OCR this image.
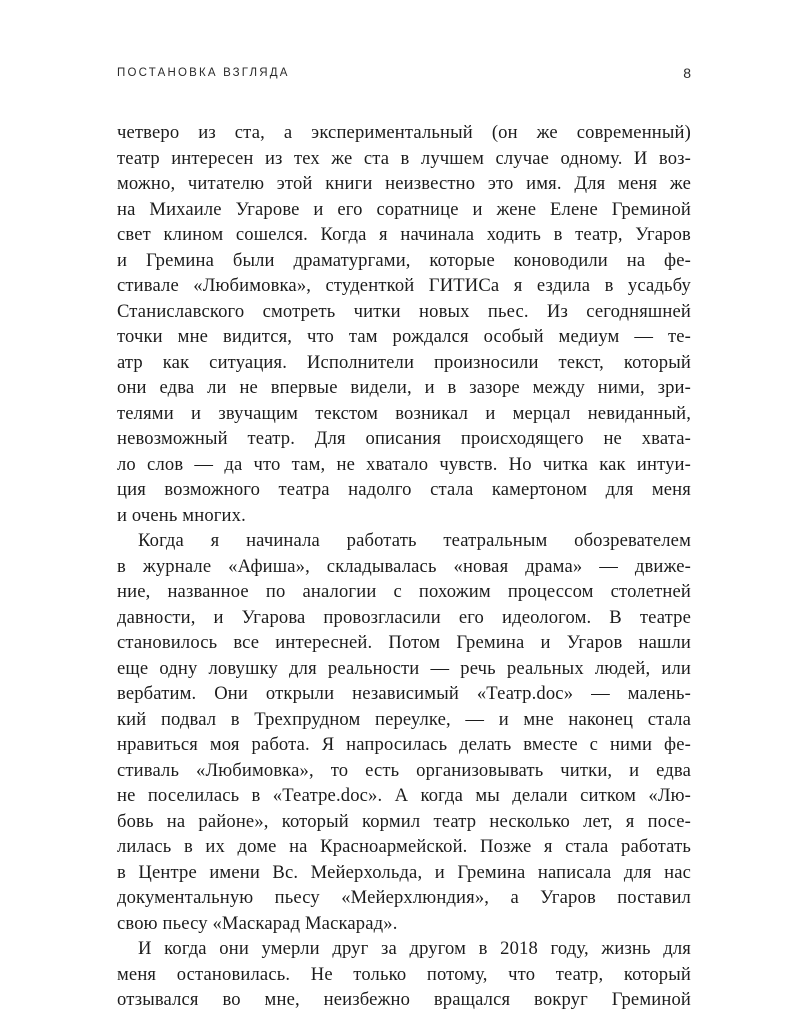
ПОСТАНОВКА ВЗГЛЯДА	8
четверо из ста, а экспериментальный (он же современный)
театр интересен из тех же ста в лучшем случае одному. И воз-
можно, читателю этой книги неизвестно это имя. Для меня же
на Михаиле Угарове и его соратнице и жене Елене Греминой
свет клином сошелся. Когда я начинала ходить в театр, Угаров
и Гремина были драматургами, которые коноводили на фе-
стивале «Любимовка», студенткой ГИТИСа я ездила в усадьбу
Станиславского смотреть читки новых пьес. Из сегодняшней
точки мне видится, что там рождался особый медиум — те-
атр как ситуация. Исполнители произносили текст, который
они едва ли не впервые видели, и в зазоре между ними, зри-
телями и звучащим текстом возникал и мерцал невиданный,
невозможный театр. Для описания происходящего не хвата-
ло слов — да что там, не хватало чувств. Но читка как интуи-
ция возможного театра надолго стала камертоном для меня
и очень многих.
Когда я начинала работать театральным обозревателем
в журнале «Афиша», складывалась «новая драма» — движе-
ние, названное по аналогии с похожим процессом столетней
давности, и Угарова провозгласили его идеологом. В театре
становилось все интересней. Потом Гремина и Угаров нашли
еще одну ловушку для реальности — речь реальных людей, или
вербатим. Они открыли независимый «Театр.doc» — малень-
кий подвал в Трехпрудном переулке, — и мне наконец стала
нравиться моя работа. Я напросилась делать вместе с ними фе-
стиваль «Любимовка», то есть организовывать читки, и едва
не поселилась в «Театре.doc». А когда мы делали ситком «Лю-
бовь на районе», который кормил театр несколько лет, я посе-
лилась в их доме на Красноармейской. Позже я стала работать
в Центре имени Вс. Мейерхольда, и Гремина написала для нас
документальную пьесу «Мейерхлюндия», а Угаров поставил
свою пьесу «Маскарад Маскарад».
И когда они умерли друг за другом в 2018 году, жизнь для
меня остановилась. Не только потому, что театр, который
отзывался во мне, неизбежно вращался вокруг Греминой
